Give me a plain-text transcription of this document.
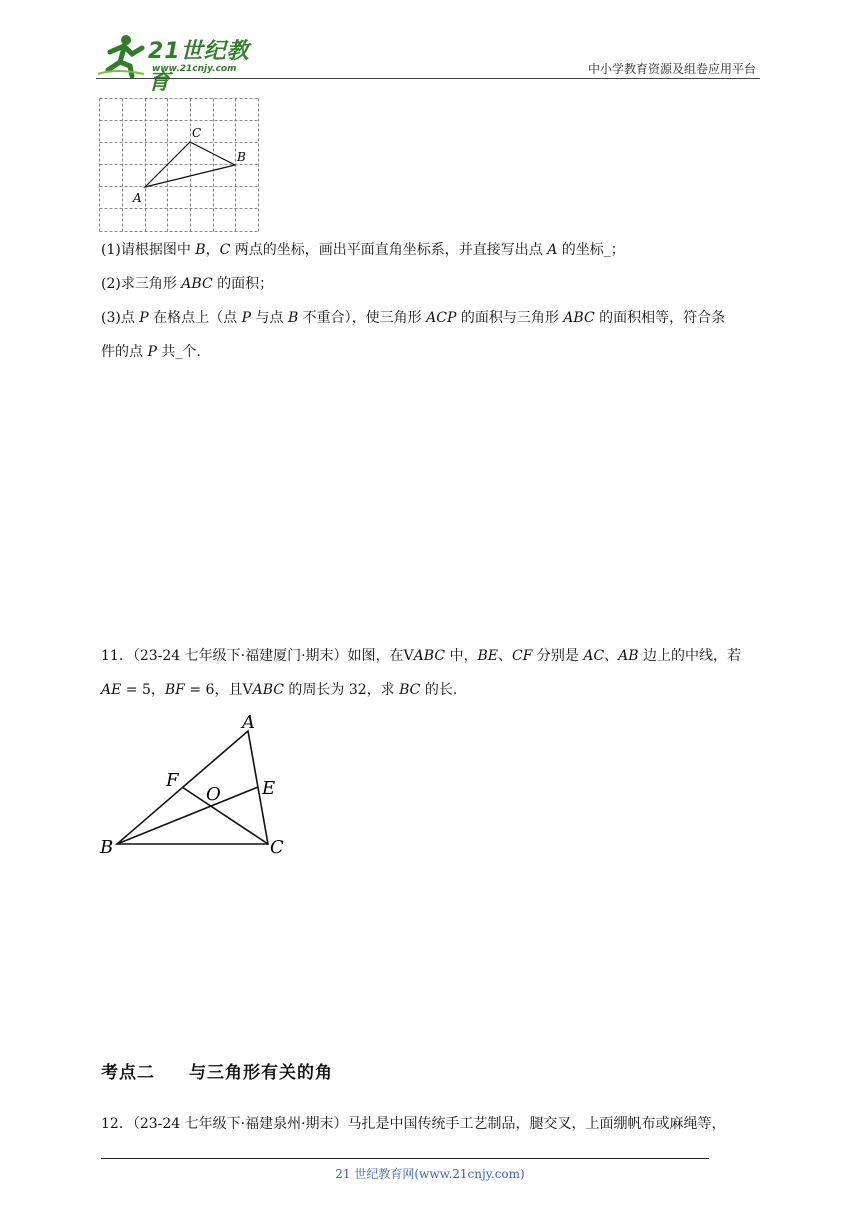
21世纪教育
www.21cnjy.com	中小学教育资源及组卷应用平台
A
B
C
(1)请根据图中 B，C 两点的坐标，画出平面直角坐标系，并直接写出点 A 的坐标_；
(2)求三角形 ABC 的面积；
(3)点 P 在格点上（点 P 与点 B 不重合），使三角形 ACP 的面积与三角形 ABC 的面积相等，符合条
件的点 P 共_个.
11．（23-24 七年级下·福建厦门·期末）如图，在VABC 中，BE、CF 分别是 AC、AB 边上的中线，若
AE = 5，BF = 6，且VABC 的周长为 32，求 BC 的长.
A
B	C
E
F
O
考点二 与三角形有关的角
12．（23-24 七年级下·福建泉州·期末）马扎是中国传统手工艺制品，腿交叉，上面绷帆布或麻绳等，
21 世纪教育网(www.21cnjy.com)
